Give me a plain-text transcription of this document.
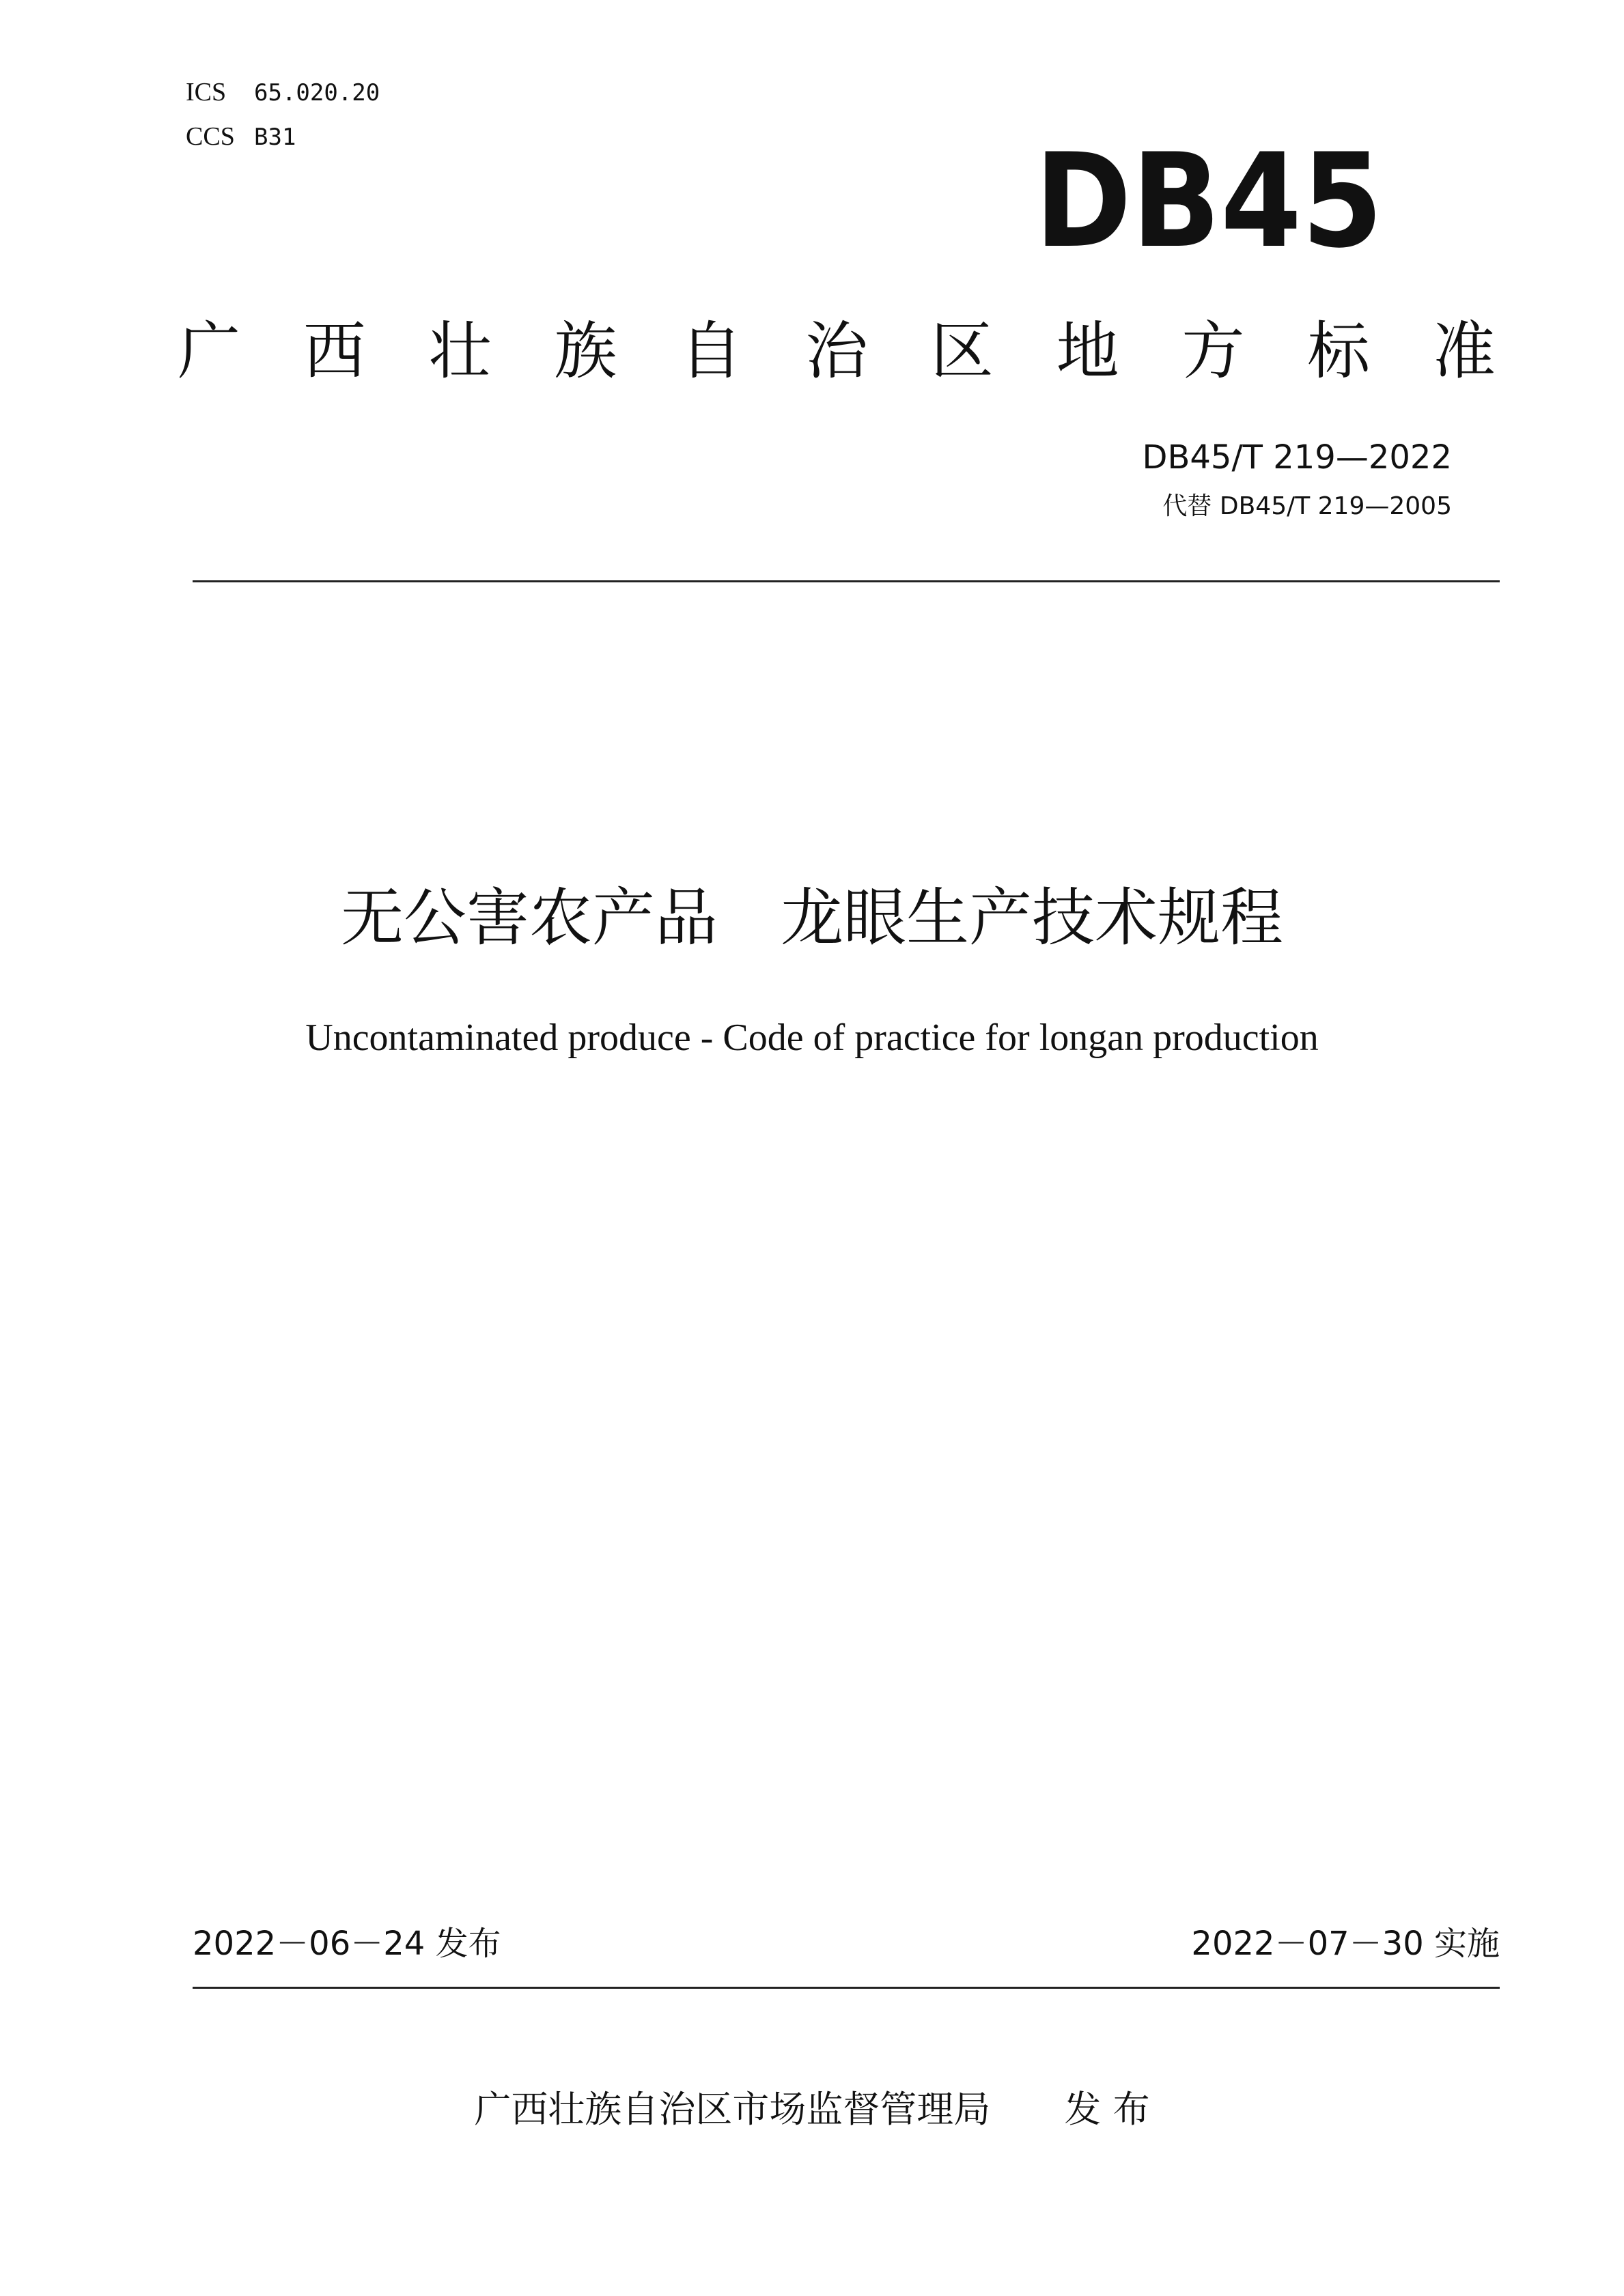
ICS 65.020.20
CCS B31	DB45
广 西 壮 族 自 治 区 地 方 标 准
DB45/T 219—2022
代替 DB45/T 219—2005
无公害农产品　龙眼生产技术规程
Uncontaminated produce - Code of practice for longan production
2022－06－24 发布	2022－07－30 实施
广西壮族自治区市场监督管理局　　发 布
